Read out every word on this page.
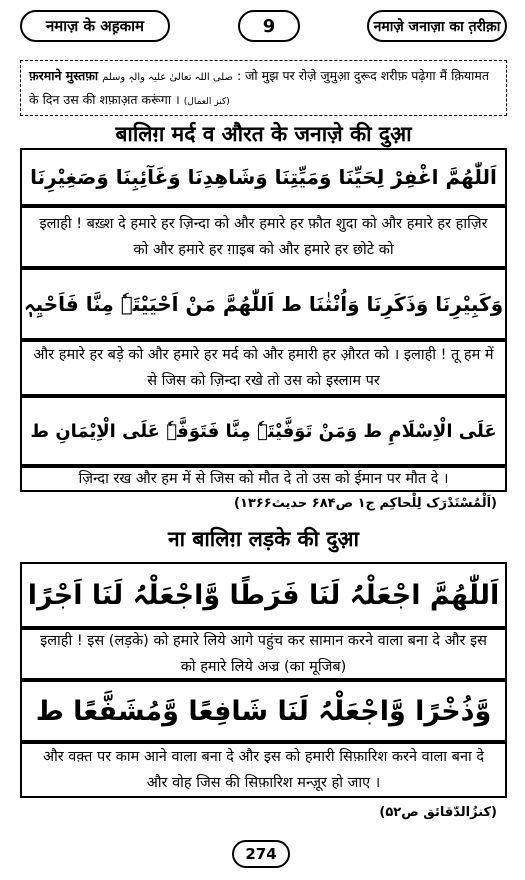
नमाज़ के अह़काम	9	नमाज़े जनाज़ा का त़रीक़ा
फ़रमाने मुस्तफ़ा صلی اللہ تعالیٰ علیہ والہٖ وسلم : जो मुझ पर रोज़े जुमुआ़ दुरूद शरीफ़ पढ़ेगा मैं क़ियामत के दिन उस की शफ़ाअ़त करूंगा । (کنز العمال)
बालिग़ मर्द व औरत के जनाज़े की दुआ़
اَللّٰھُمَّ اغْفِرْ لِحَیِّنَا وَمَیِّتِنَا وَشَاھِدِنَا وَغَآئِبِنَا وَصَغِیْرِنَا
इलाही ! बख़्श दे हमारे हर ज़िन्दा को और हमारे हर फ़ौत शुदा को और हमारे हर हाज़िर को और हमारे हर ग़ाइब को और हमारे हर छोटे को
وَکَبِیْرِنَا وَذَکَرِنَا وَاُنْثٰنَا ط اَللّٰھُمَّ مَنْ اَحْیَیْتَہٗ مِنَّا فَاَحْیِہٖ
और हमारे हर बड़े को और हमारे हर मर्द को और हमारी हर औ़रत को । इलाही ! तू हम में से जिस को ज़िन्दा रखे तो उस को इस्लाम पर
عَلَی الْاِسْلَامِ ط وَمَنْ تَوَفَّیْتَہٗ مِنَّا فَتَوَفَّہٗ عَلَی الْاِیْمَانِ ط
ज़िन्दा रख और हम में से जिस को मौत दे तो उस को ईमान पर मौत दे ।
(اَلْمُسْتَدْرَک لِلْحاکِم ج۱ ص۶۸۴ حدیث۱۳۶۶)
ना बालिग़ लड़के की दुआ़
اَللّٰھُمَّ اجْعَلْہُ لَنَا فَرَطًا وَّاجْعَلْہُ لَنَا اَجْرًا
इलाही ! इस (लड़के) को हमारे लिये आगे पहुंच कर सामान करने वाला बना दे और इस को हमारे लिये अज्र (का मूजिब)
وَّذُخْرًا وَّاجْعَلْہُ لَنَا شَافِعًا وَّمُشَفَّعًا ط
और वक़्त पर काम आने वाला बना दे और इस को हमारी सिफ़ारिश करने वाला बना दे और वोह जिस की सिफ़ारिश मन्ज़ूर हो जाए ।
(کنزُالدّقائق ص۵۲)
274
